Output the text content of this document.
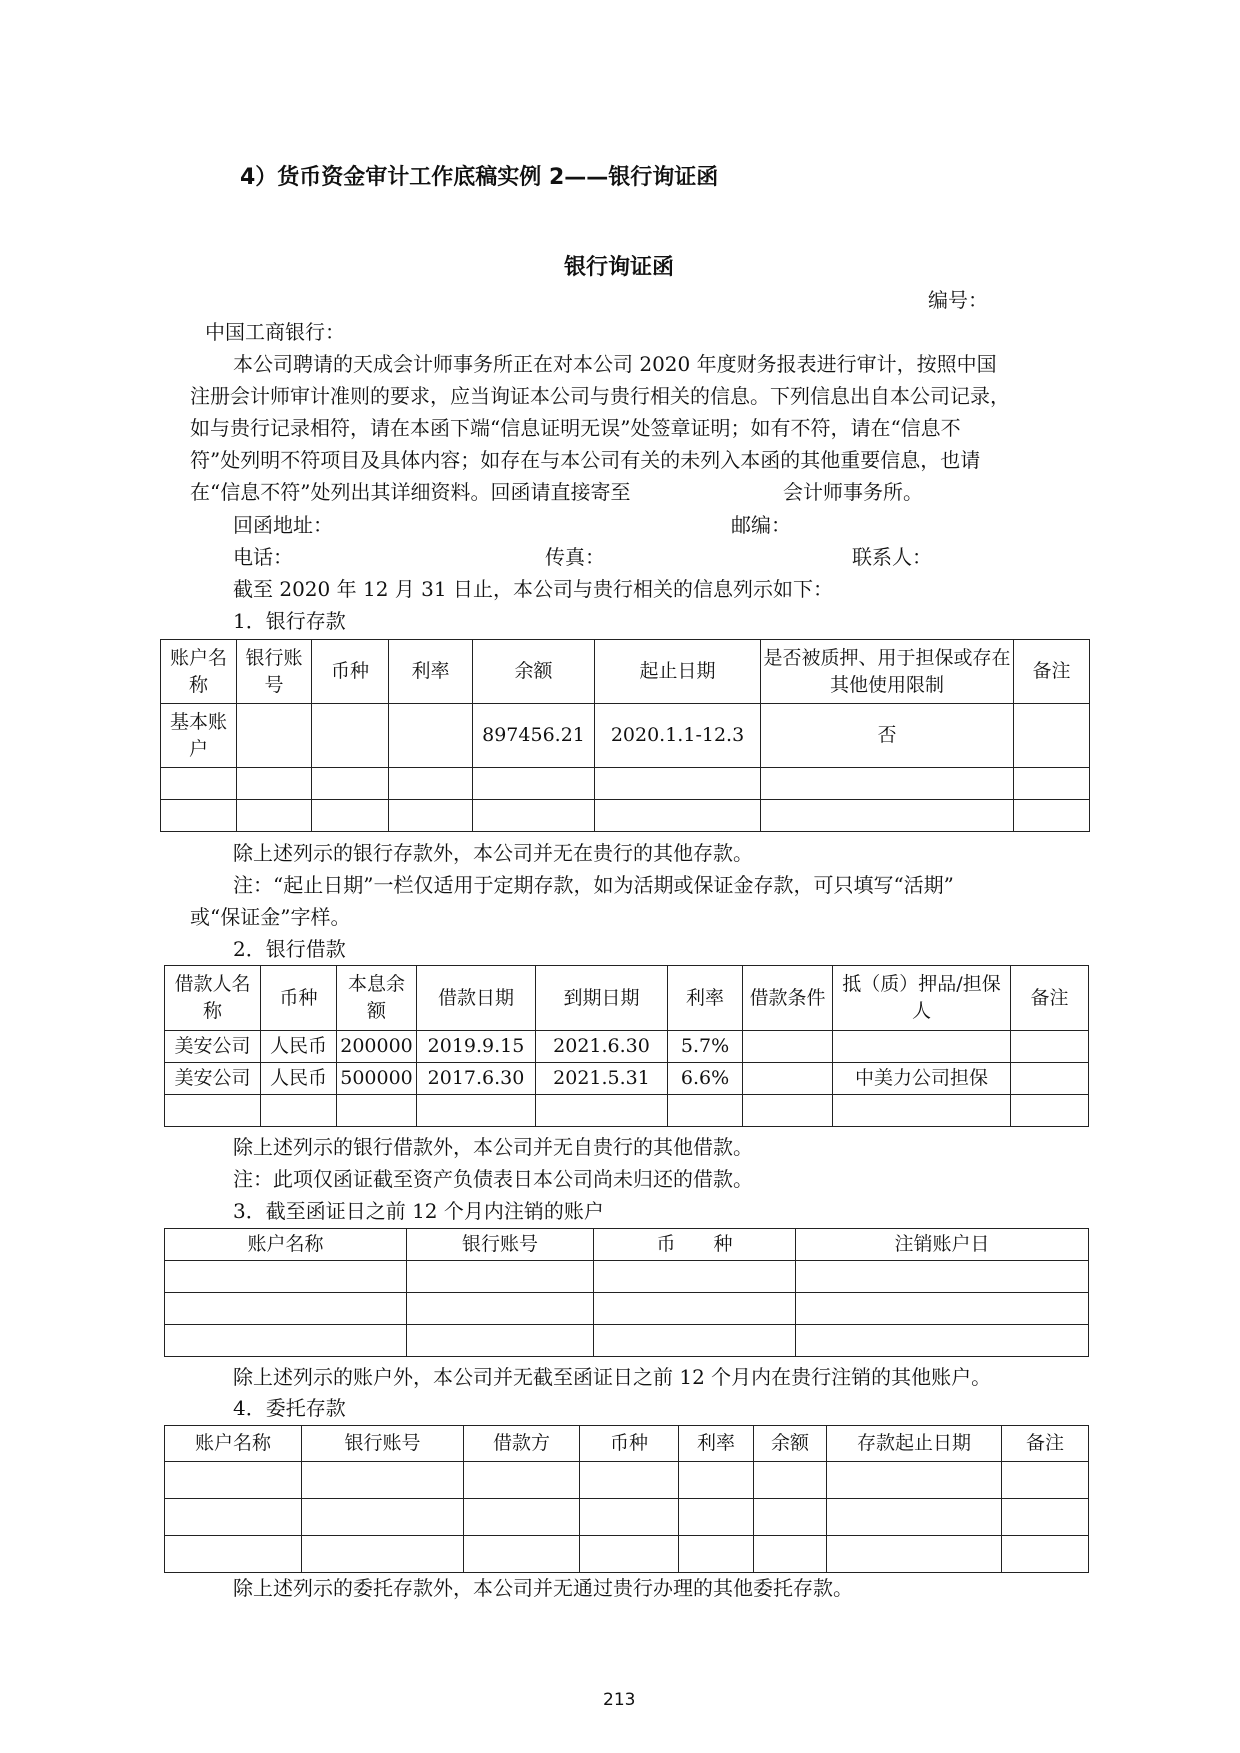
4）货币资金审计工作底稿实例 2——银行询证函
银行询证函
编号：
中国工商银行：
本公司聘请的天成会计师事务所正在对本公司 2020 年度财务报表进行审计，按照中国
注册会计师审计准则的要求，应当询证本公司与贵行相关的信息。下列信息出自本公司记录，
如与贵行记录相符，请在本函下端“信息证明无误”处签章证明；如有不符，请在“信息不
符”处列明不符项目及具体内容；如存在与本公司有关的未列入本函的其他重要信息，也请
在“信息不符”处列出其详细资料。回函请直接寄至	会计师事务所。
回函地址：	邮编：
电话：	传真：	联系人：
截至 2020 年 12 月 31 日止，本公司与贵行相关的信息列示如下：
1．银行存款
账户名称	银行账号	币种	利率	余额	起止日期	是否被质押、用于担保或存在其他使用限制	备注
基本账户				897456.21	2020.1.1-12.3	否	

除上述列示的银行存款外，本公司并无在贵行的其他存款。
注：“起止日期”一栏仅适用于定期存款，如为活期或保证金存款，可只填写“活期”
或“保证金”字样。
2．银行借款
借款人名称	币种	本息余额	借款日期	到期日期	利率	借款条件	抵（质）押品/担保人	备注
美安公司	人民币	200000	2019.9.15	2021.6.30	5.7%			
美安公司	人民币	500000	2017.6.30	2021.5.31	6.6%		中美力公司担保	

除上述列示的银行借款外，本公司并无自贵行的其他借款。
注：此项仅函证截至资产负债表日本公司尚未归还的借款。
3．截至函证日之前 12 个月内注销的账户
账户名称	银行账号	币　　种	注销账户日

除上述列示的账户外，本公司并无截至函证日之前 12 个月内在贵行注销的其他账户。
4．委托存款
账户名称	银行账号	借款方	币种	利率	余额	存款起止日期	备注

除上述列示的委托存款外，本公司并无通过贵行办理的其他委托存款。
213
